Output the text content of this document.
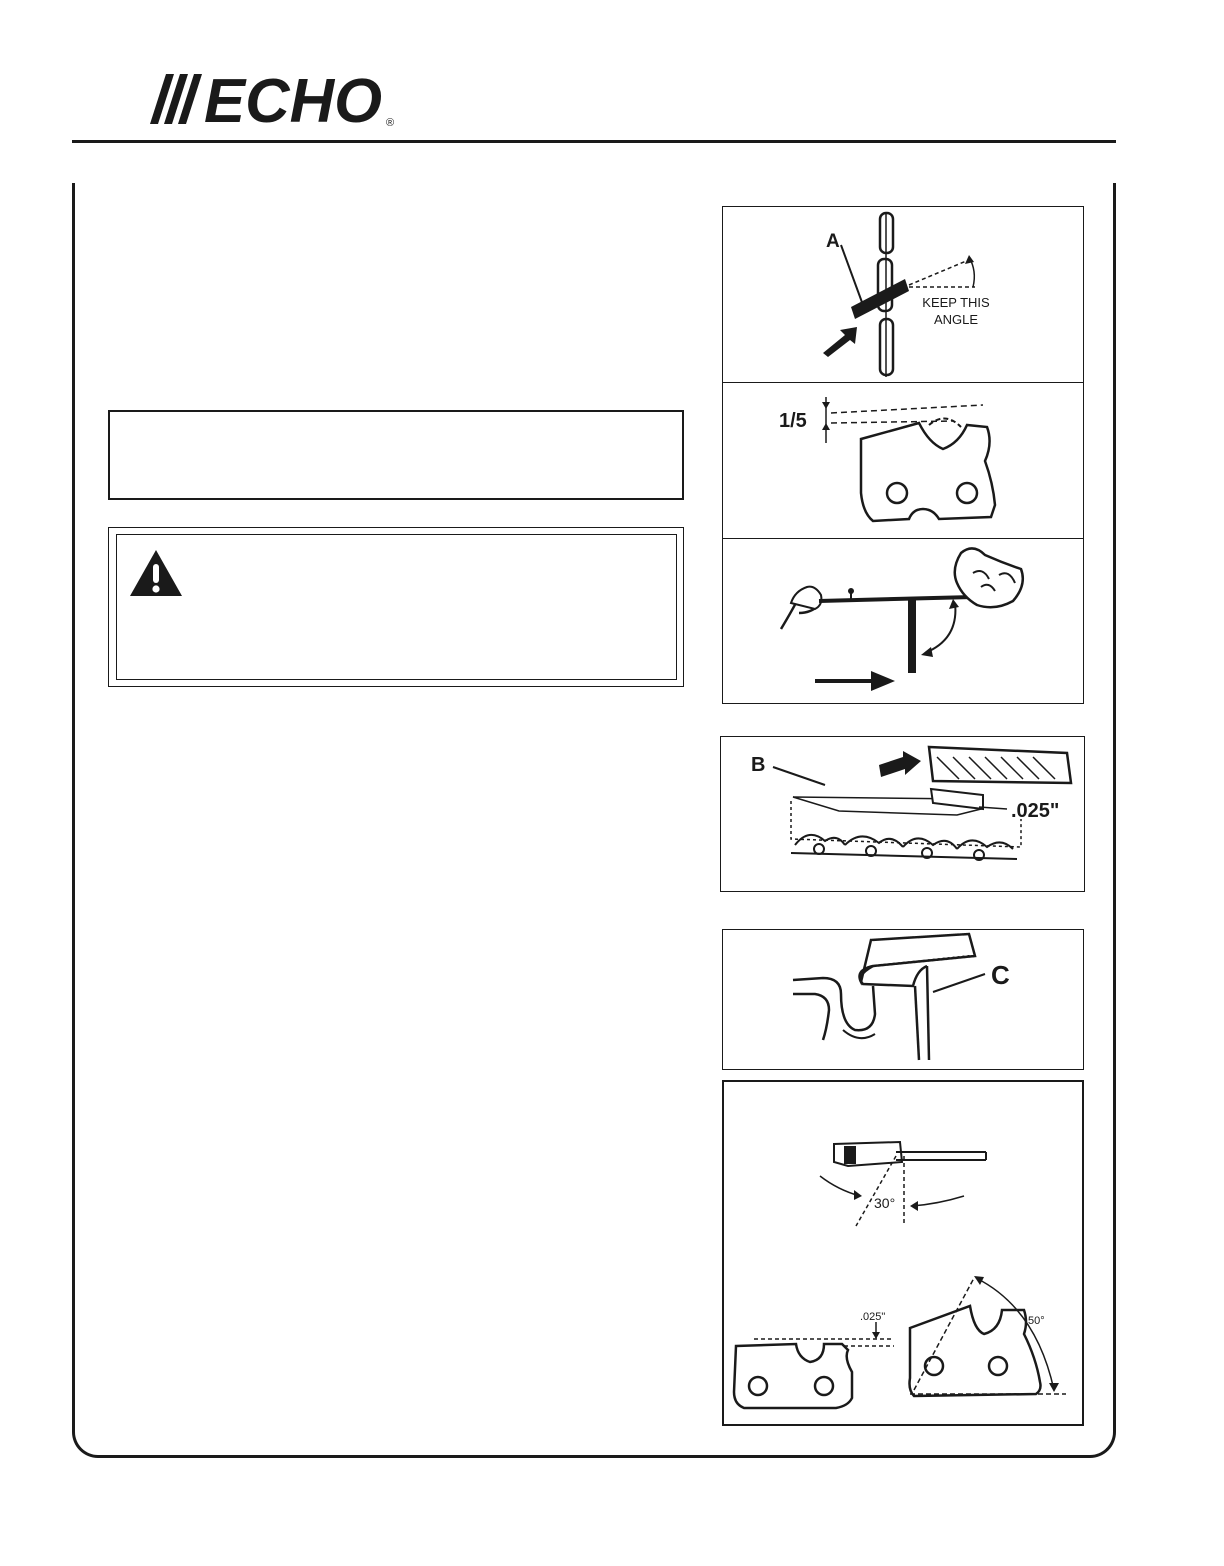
ECHO ®
A
KEEP THIS
ANGLE
1/5
B
.025"
C
30°
.025"	50°
